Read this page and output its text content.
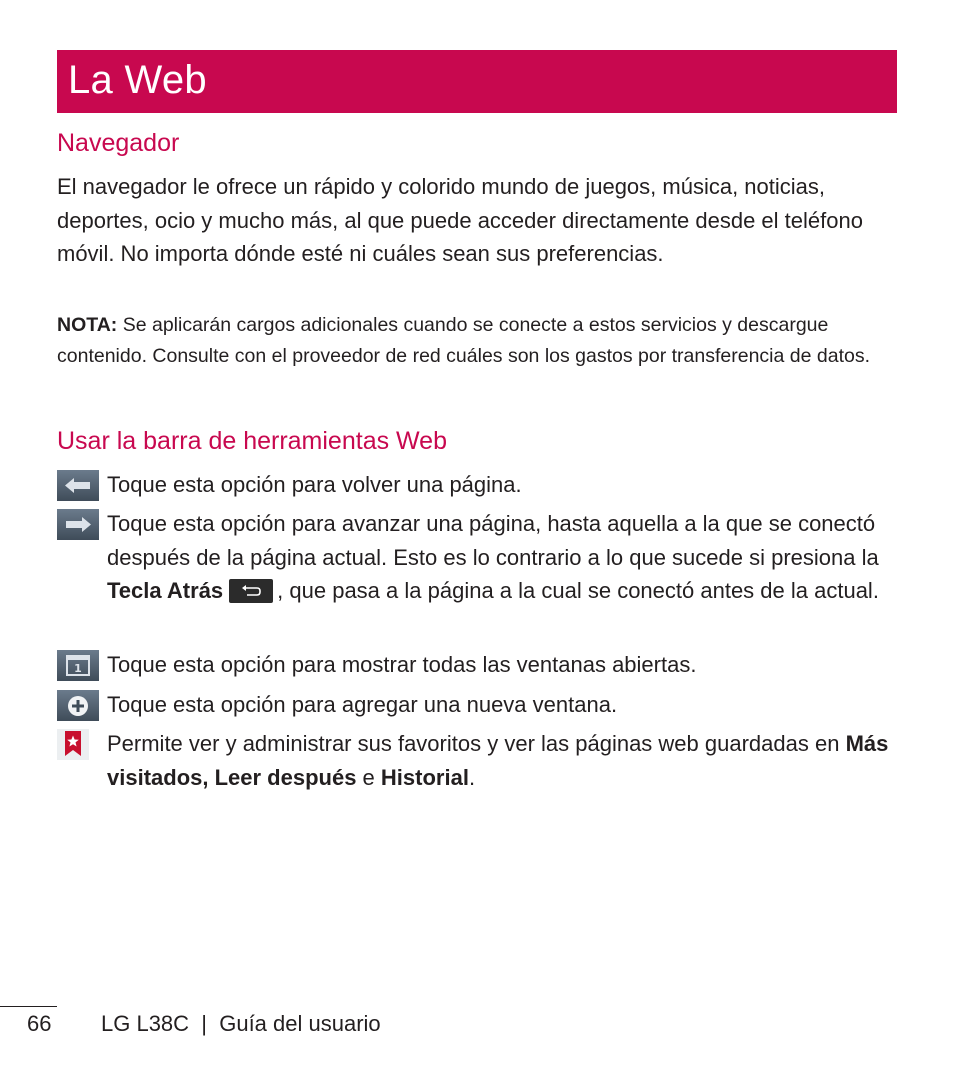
La Web
Navegador

El navegador le ofrece un rápido y colorido mundo de juegos, música, noticias, deportes, ocio y mucho más, al que puede acceder directamente desde el teléfono móvil. No importa dónde esté ni cuáles sean sus preferencias.

NOTA: Se aplicarán cargos adicionales cuando se conecte a estos servicios y descargue contenido. Consulte con el proveedor de red cuáles son los gastos por transferencia de datos.

Usar la barra de herramientas Web

Toque esta opción para volver una página.

Toque esta opción para avanzar una página, hasta aquella a la que se conectó después de la página actual. Esto es lo contrario a lo que sucede si presiona la Tecla Atrás , que pasa a la página a la cual se conectó antes de la actual.

1 Toque esta opción para mostrar todas las ventanas abiertas.

Toque esta opción para agregar una nueva ventana.

Permite ver y administrar sus favoritos y ver las páginas web guardadas en Más visitados, Leer después e Historial.

66 LG L38C  |  Guía del usuario
